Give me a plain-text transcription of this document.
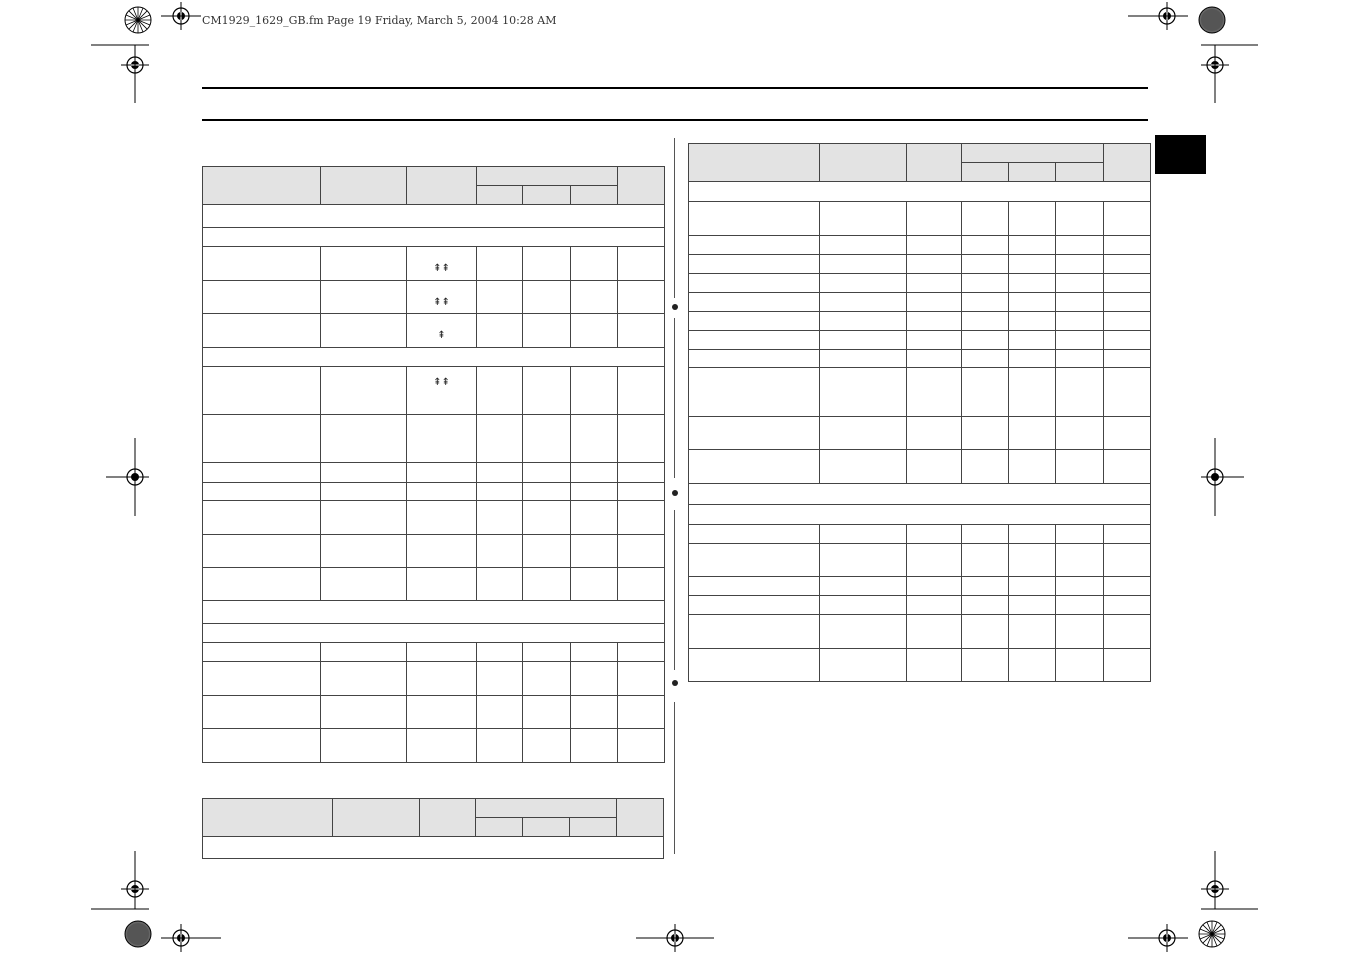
CM1929_1629_GB.fm Page 19 Friday, March 5, 2004 10:28 AM

		⇞⇞				

		⇞⇞				

		⇞				

		⇞⇞				
